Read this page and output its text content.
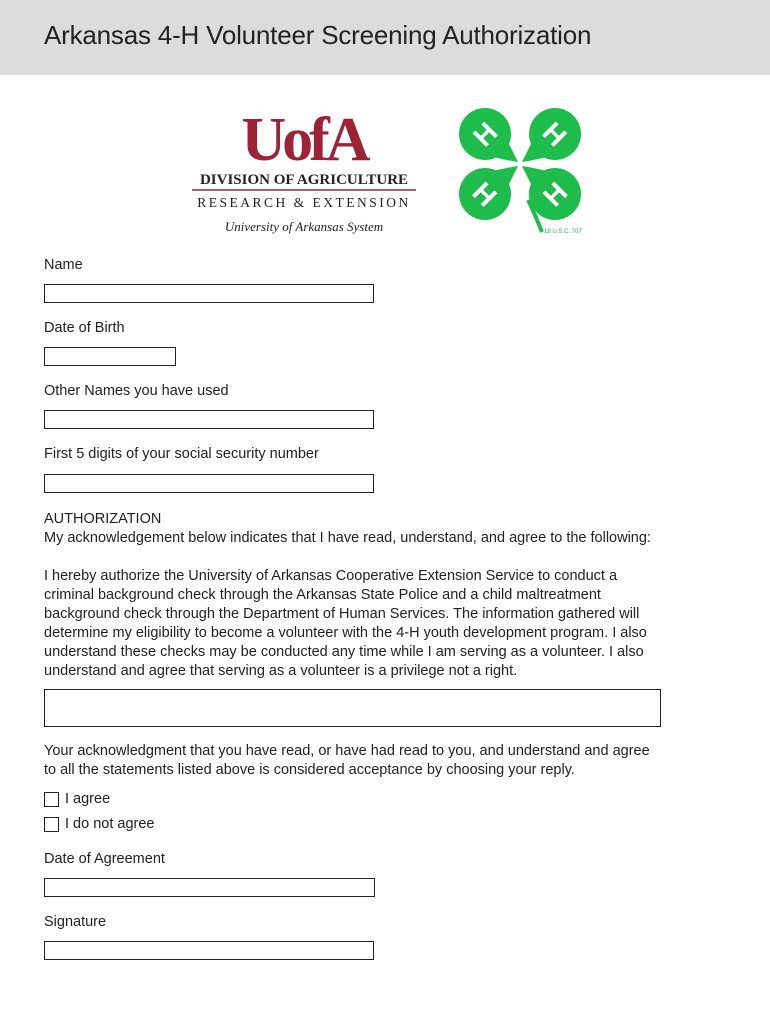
Arkansas 4-H Volunteer Screening Authorization
UofA
DIVISION OF AGRICULTURE
RESEARCH & EXTENSION
University of Arkansas System
H H
H H
18 U.S.C. 707
Name
Date of Birth
Other Names you have used
First 5 digits of your social security number
AUTHORIZATION
My acknowledgement below indicates that I have read, understand, and agree to the following:
I hereby authorize the University of Arkansas Cooperative Extension Service to conduct a
criminal background check through the Arkansas State Police and a child maltreatment
background check through the Department of Human Services. The information gathered will
determine my eligibility to become a volunteer with the 4-H youth development program. I also
understand these checks may be conducted any time while I am serving as a volunteer. I also
understand and agree that serving as a volunteer is a privilege not a right.
Your acknowledgment that you have read, or have had read to you, and understand and agree
to all the statements listed above is considered acceptance by choosing your reply.
I agree
I do not agree
Date of Agreement
Signature
